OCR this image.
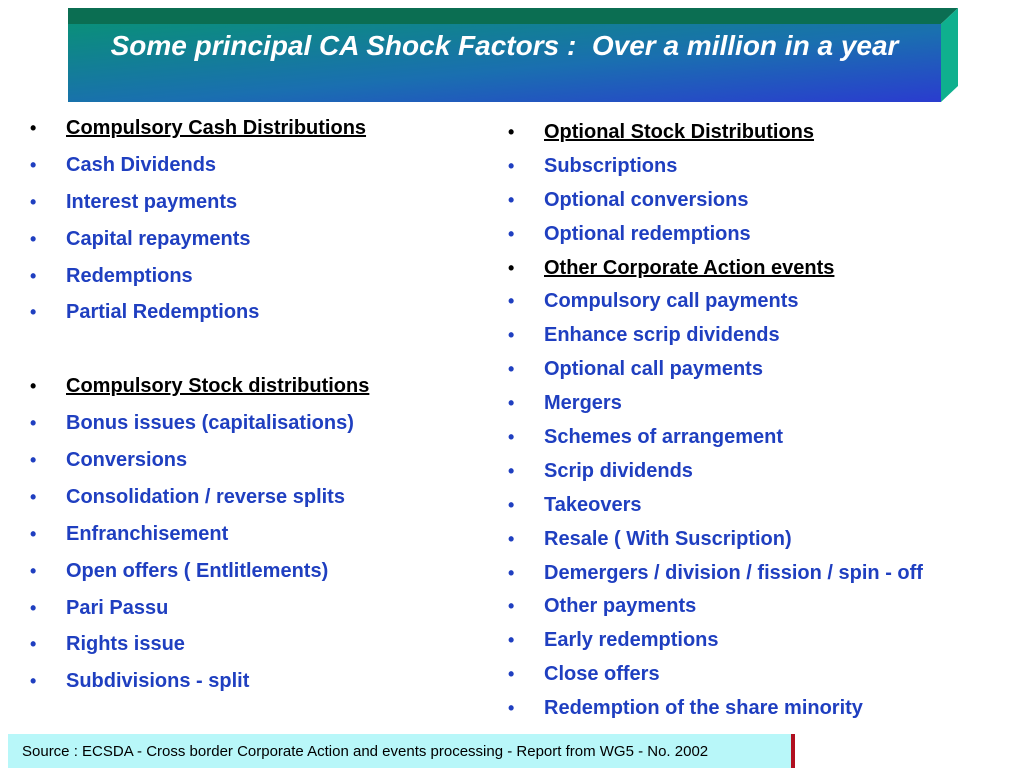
Some principal CA Shock Factors :  Over a million in a year
• Compulsory Cash Distributions
• Cash Dividends
• Interest payments
• Capital repayments
• Redemptions
• Partial Redemptions
• Compulsory Stock distributions
• Bonus issues (capitalisations)
• Conversions
• Consolidation / reverse splits
• Enfranchisement
• Open offers ( Entlitlements)
• Pari Passu
• Rights issue
• Subdivisions - split
• Optional Stock Distributions
• Subscriptions
• Optional conversions
• Optional redemptions
• Other Corporate Action events
• Compulsory call payments
• Enhance scrip dividends
• Optional call payments
• Mergers
• Schemes of arrangement
• Scrip dividends
• Takeovers
• Resale ( With Suscription)
• Demergers / division / fission / spin - off
• Other payments
• Early redemptions
• Close offers
• Redemption of the share minority
Source : ECSDA - Cross border Corporate Action and events processing - Report from WG5 - No. 2002
